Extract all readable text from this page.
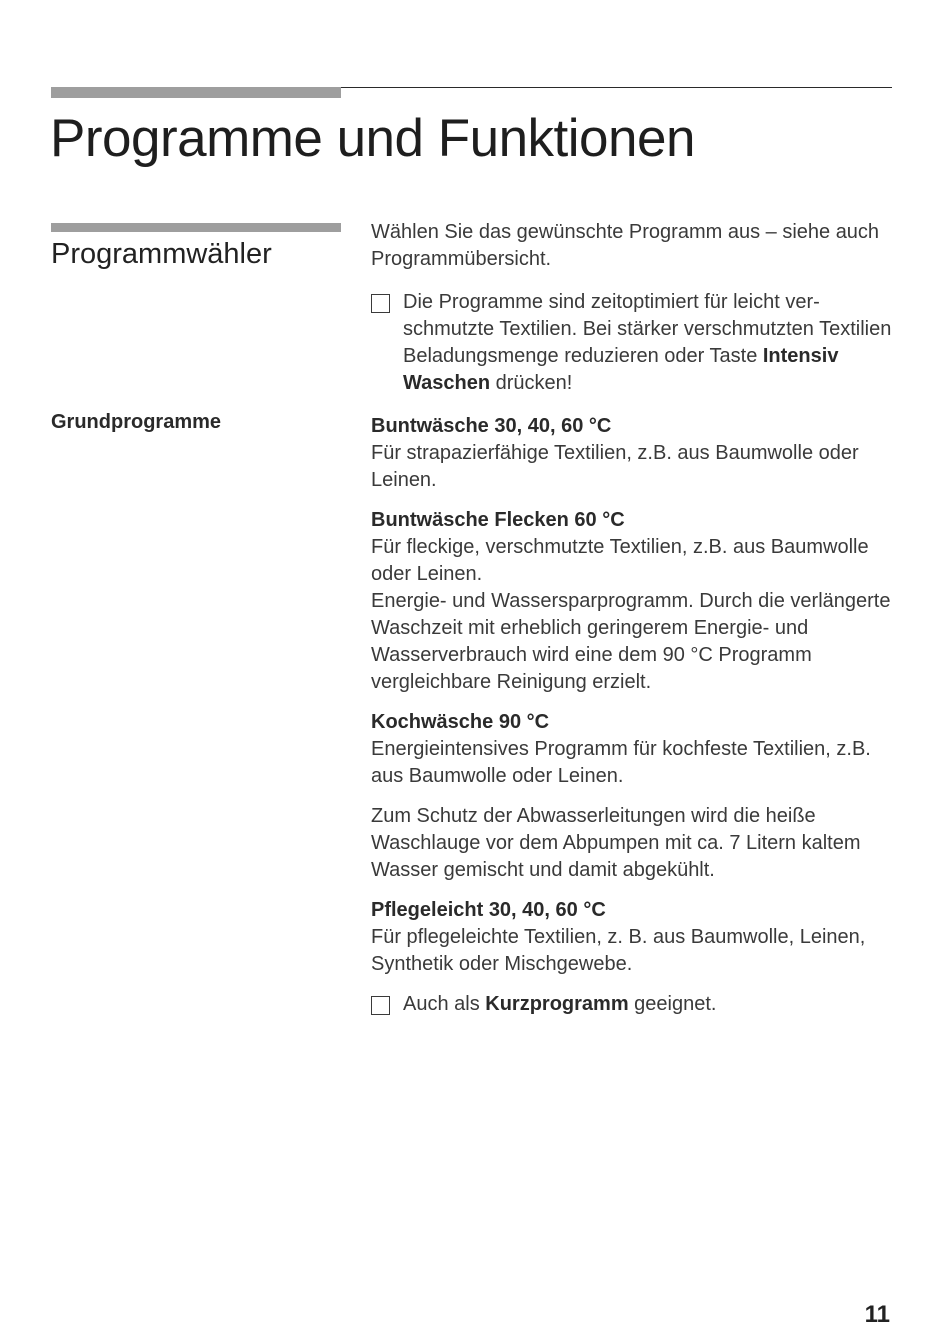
Programme und Funktionen
Programmwähler
Grundprogramme

Wählen Sie das gewünschte Programm aus – siehe auch Programmübersicht.

Die Programme sind zeitoptimiert für leicht verschmutzte Textilien. Bei stärker verschmutzten Textilien Beladungsmenge reduzieren oder Taste Intensiv Waschen drücken!
Buntwäsche 30, 40, 60 °C

Für strapazierfähige Textilien, z.B. aus Baumwolle oder Leinen.

Buntwäsche Flecken 60 °C

Für fleckige, verschmutzte Textilien, z.B. aus Baumwolle oder Leinen.

Energie- und Wassersparprogramm. Durch die verlängerte Waschzeit mit erheblich geringerem Energie- und Wasserverbrauch wird eine dem 90 °C Programm vergleichbare Reinigung erzielt.

Kochwäsche 90 °C

Energieintensives Programm für kochfeste Textilien, z.B. aus Baumwolle oder Leinen.

Zum Schutz der Abwasserleitungen wird die heiße Waschlauge vor dem Abpumpen mit ca. 7 Litern kaltem Wasser gemischt und damit abgekühlt.

Pflegeleicht 30, 40, 60 °C

Für pflegeleichte Textilien, z. B. aus Baumwolle, Leinen, Synthetik oder Mischgewebe.

Auch als Kurzprogramm geeignet.
11
